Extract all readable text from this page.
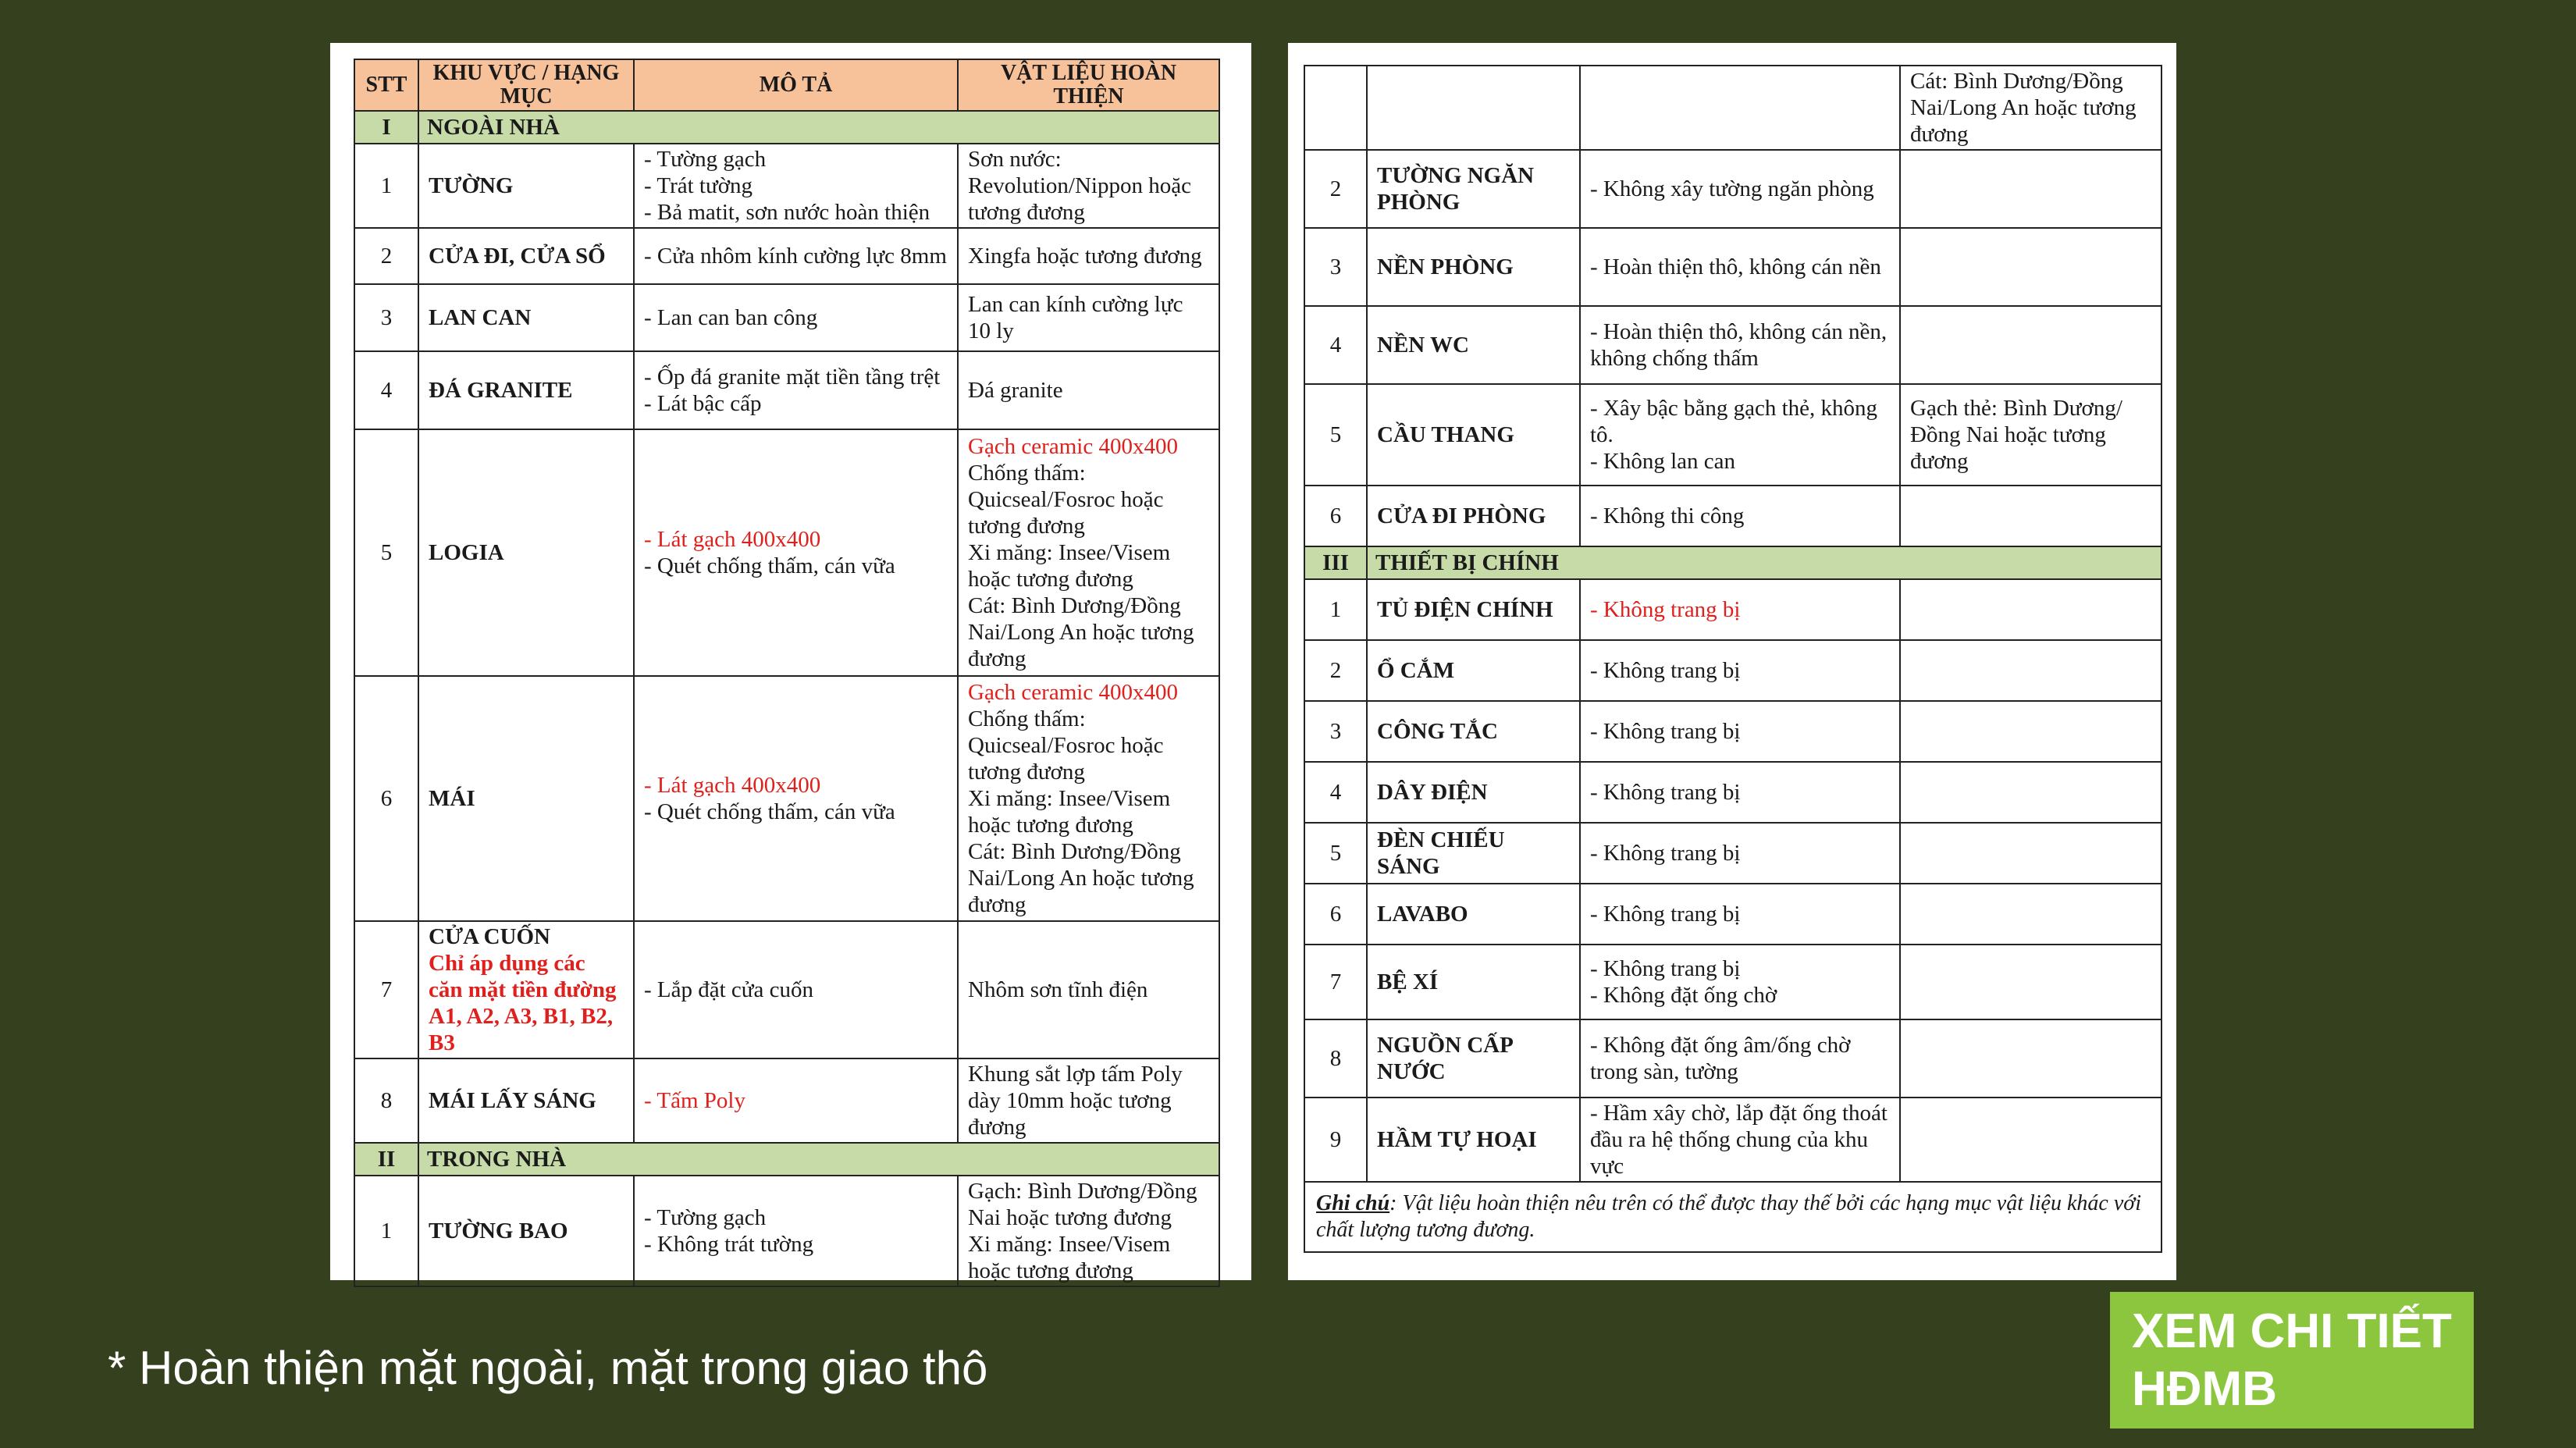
STT	KHU VỰC / HẠNG MỤC	MÔ TẢ	VẬT LIỆU HOÀN THIỆN
I	NGOÀI NHÀ		
1	TƯỜNG	- Tường gạch
- Trát tường
- Bả matit, sơn nước hoàn thiện	Sơn nước: Revolution/Nippon hoặc tương đương

2	CỬA ĐI, CỬA SỔ	- Cửa nhôm kính cường lực 8mm	Xingfa hoặc tương đương

3	LAN CAN	- Lan can ban công	Lan can kính cường lực 10 ly

4	ĐÁ GRANITE	- Ốp đá granite mặt tiền tầng trệt
- Lát bậc cấp	Đá granite

5	LOGIA	- Lát gạch 400x400
- Quét chống thấm, cán vữa	Gạch ceramic 400x400
Chống thấm: Quicseal/Fosroc hoặc tương đương
Xi măng: Insee/Visem hoặc tương đương
Cát: Bình Dương/Đồng Nai/Long An hoặc tương đương

6	MÁI	- Lát gạch 400x400
- Quét chống thấm, cán vữa	Gạch ceramic 400x400
Chống thấm: Quicseal/Fosroc hoặc tương đương
Xi măng: Insee/Visem hoặc tương đương
Cát: Bình Dương/Đồng Nai/Long An hoặc tương đương

7	CỬA CUỐN
Chỉ áp dụng các căn mặt tiền đường A1, A2, A3, B1, B2, B3	- Lắp đặt cửa cuốn	Nhôm sơn tĩnh điện

8	MÁI LẤY SÁNG	- Tấm Poly	Khung sắt lợp tấm Poly dày 10mm hoặc tương đương

II	TRONG NHÀ		
1	TƯỜNG BAO	- Tường gạch
- Không trát tường	Gạch: Bình Dương/Đồng Nai hoặc tương đương
Xi măng: Insee/Visem hoặc tương đương

			Cát: Bình Dương/Đồng Nai/Long An hoặc tương đương

2	TƯỜNG NGĂN PHÒNG	- Không xây tường ngăn phòng	

3	NỀN PHÒNG	- Hoàn thiện thô, không cán nền	

4	NỀN WC	- Hoàn thiện thô, không cán nền, không chống thấm	

5	CẦU THANG	- Xây bậc bằng gạch thẻ, không tô.
- Không lan can	Gạch thẻ: Bình Dương/Đồng Nai hoặc tương đương

6	CỬA ĐI PHÒNG	- Không thi công	

III	THIẾT BỊ CHÍNH		
1	TỦ ĐIỆN CHÍNH	- Không trang bị	

2	Ổ CẮM	- Không trang bị	

3	CÔNG TẮC	- Không trang bị	

4	DÂY ĐIỆN	- Không trang bị	

5	ĐÈN CHIẾU SÁNG	- Không trang bị	

6	LAVABO	- Không trang bị	

7	BỆ XÍ	- Không trang bị
- Không đặt ống chờ	

8	NGUỒN CẤP NƯỚC	- Không đặt ống âm/ống chờ trong sàn, tường	

9	HẦM TỰ HOẠI	- Hầm xây chờ, lắp đặt ống thoát đầu ra hệ thống chung của khu vực	

Ghi chú: Vật liệu hoàn thiện nêu trên có thể được thay thế bởi các hạng mục vật liệu khác với chất lượng tương đương.			
* Hoàn thiện mặt ngoài, mặt trong giao thô
XEM CHI TIẾT
HĐMB
